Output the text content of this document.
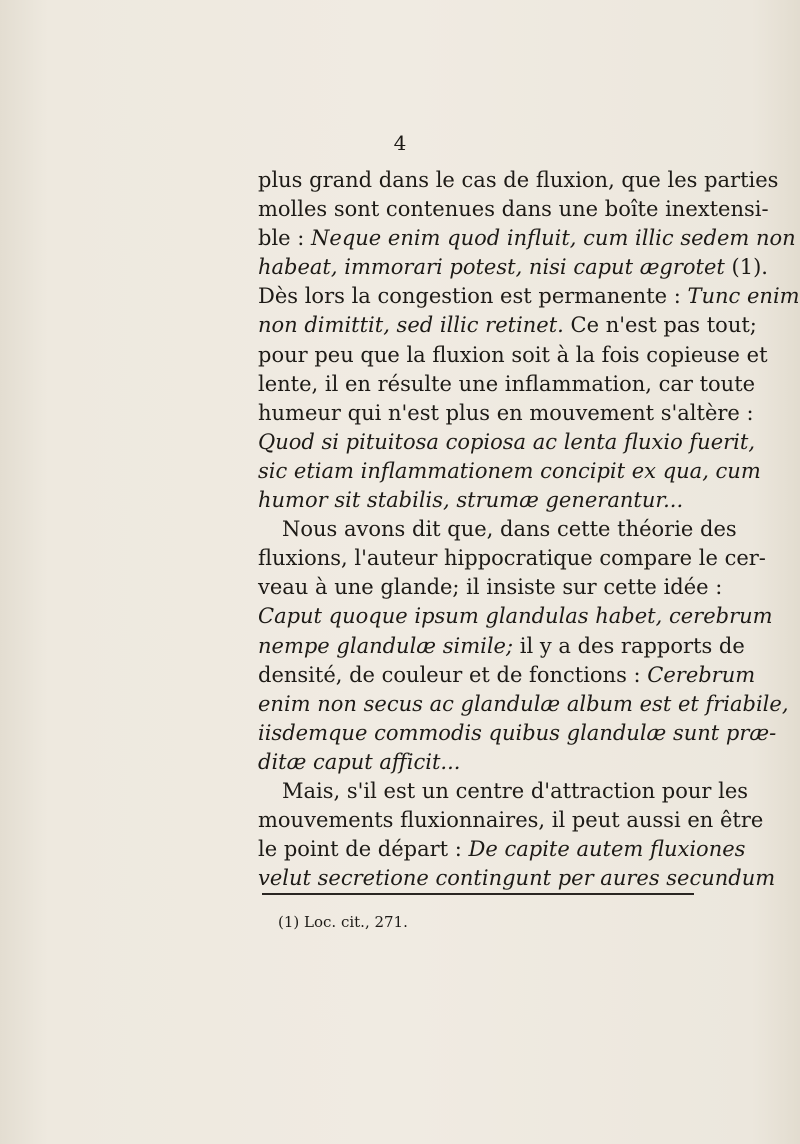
4
plus grand dans le cas de fluxion, que les parties
molles sont contenues dans une boîte inextensi-
ble : Neque enim quod influit, cum illic sedem non
habeat, immorari potest, nisi caput ægrotet (1).
Dès lors la congestion est permanente : Tunc enim
non dimittit, sed illic retinet. Ce n'est pas tout;
pour peu que la fluxion soit à la fois copieuse et
lente, il en résulte une inflammation, car toute
humeur qui n'est plus en mouvement s'altère :
Quod si pituitosa copiosa ac lenta fluxio fuerit,
sic etiam inflammationem concipit ex qua, cum
humor sit stabilis, strumæ generantur...
Nous avons dit que, dans cette théorie des
fluxions, l'auteur hippocratique compare le cer-
veau à une glande; il insiste sur cette idée :
Caput quoque ipsum glandulas habet, cerebrum
nempe glandulæ simile; il y a des rapports de
densité, de couleur et de fonctions : Cerebrum
enim non secus ac glandulæ album est et friabile,
iisdemque commodis quibus glandulæ sunt præ-
ditæ caput afficit...
Mais, s'il est un centre d'attraction pour les
mouvements fluxionnaires, il peut aussi en être
le point de départ : De capite autem fluxiones
velut secretione contingunt per aures secundum
(1) Loc. cit., 271.
